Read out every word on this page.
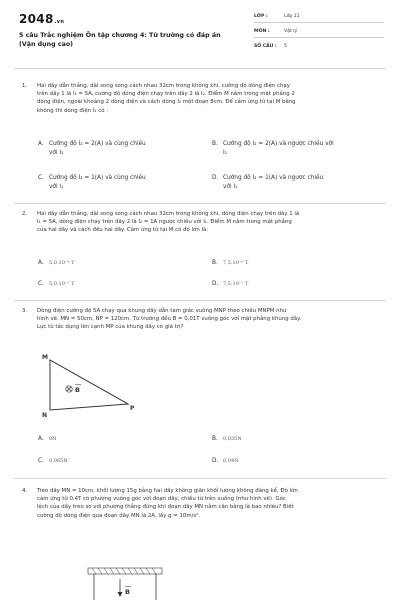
2048.vn
5 câu Trắc nghiệm Ôn tập chương 4: Từ trường có đáp án
(Vận dụng cao)
LỚP :	Lớp 11
MÔN :	Vật lý
SỐ CÂU : 5
1. Hai dây dẫn thẳng, dài song song cách nhau 32cm trong không khí, cường độ dòng điện chạy
trên dây 1 là I₁ = 5A, cường độ dòng điện chạy trên dây 2 là I₂. Điểm M nằm trong mặt phẳng 2
dòng điện, ngoài khoảng 2 dòng điện và cách dòng I₂ một đoạn 8cm. Để cảm ứng từ tại M bằng
không thì dòng điện I₂ có :
A. Cường độ I₂ = 2(A) và cùng chiều
với I₁
B. Cường độ I₂ = 2(A) và ngược chiều với
I₁
C. Cường độ I₂ = 1(A) và cùng chiều
với I₁
D. Cường độ I₂ = 1(A) và ngược chiều
với I₁
2. Hai dây dẫn thẳng, dài song song cách nhau 32cm trong không khí, dòng điện chạy trên dây 1 là
I₁ = 5A, dòng điện chạy trên dây 2 là I₂ = 1A ngược chiều với I₁. Điểm M nằm trong mặt phẳng
của hai dây và cách đều hai dây. Cảm ứng từ tại M có độ lớn là:
A. 5,0.10⁻⁶ T	B. 7,5.10⁻⁶ T
C. 5,0.10⁻⁷ T	D. 7,5.10⁻⁷ T
3. Dòng điện cường độ 5A chạy qua khung dây dẫn tam giác vuông MNP theo chiều MNPM như
hình vẽ. MN = 50cm, NP = 120cm. Từ trường đều B = 0,01T vuông góc với mặt phẳng khung dây.
Lực từ tác dụng lên cạnh MP của khung dây có giá trị?
M
N
P
B
A. 0N	B. 0,035N
C. 0,065N	D. 0,04N
4. Treo dây MN = 10cm, khối lượng 15g bằng hai dây không giãn khối lượng không đáng kể. Độ lớn
cảm ứng từ 0,4T có phương vuông góc với đoạn dây, chiều từ trên xuống (như hình vẽ). Góc
lệch của dây treo so với phương thẳng đứng khi đoạn dây MN nằm cân bằng là bao nhiêu? Biết
cường độ dòng điện qua đoạn dây MN là 2A, lấy g = 10m/s².
B
